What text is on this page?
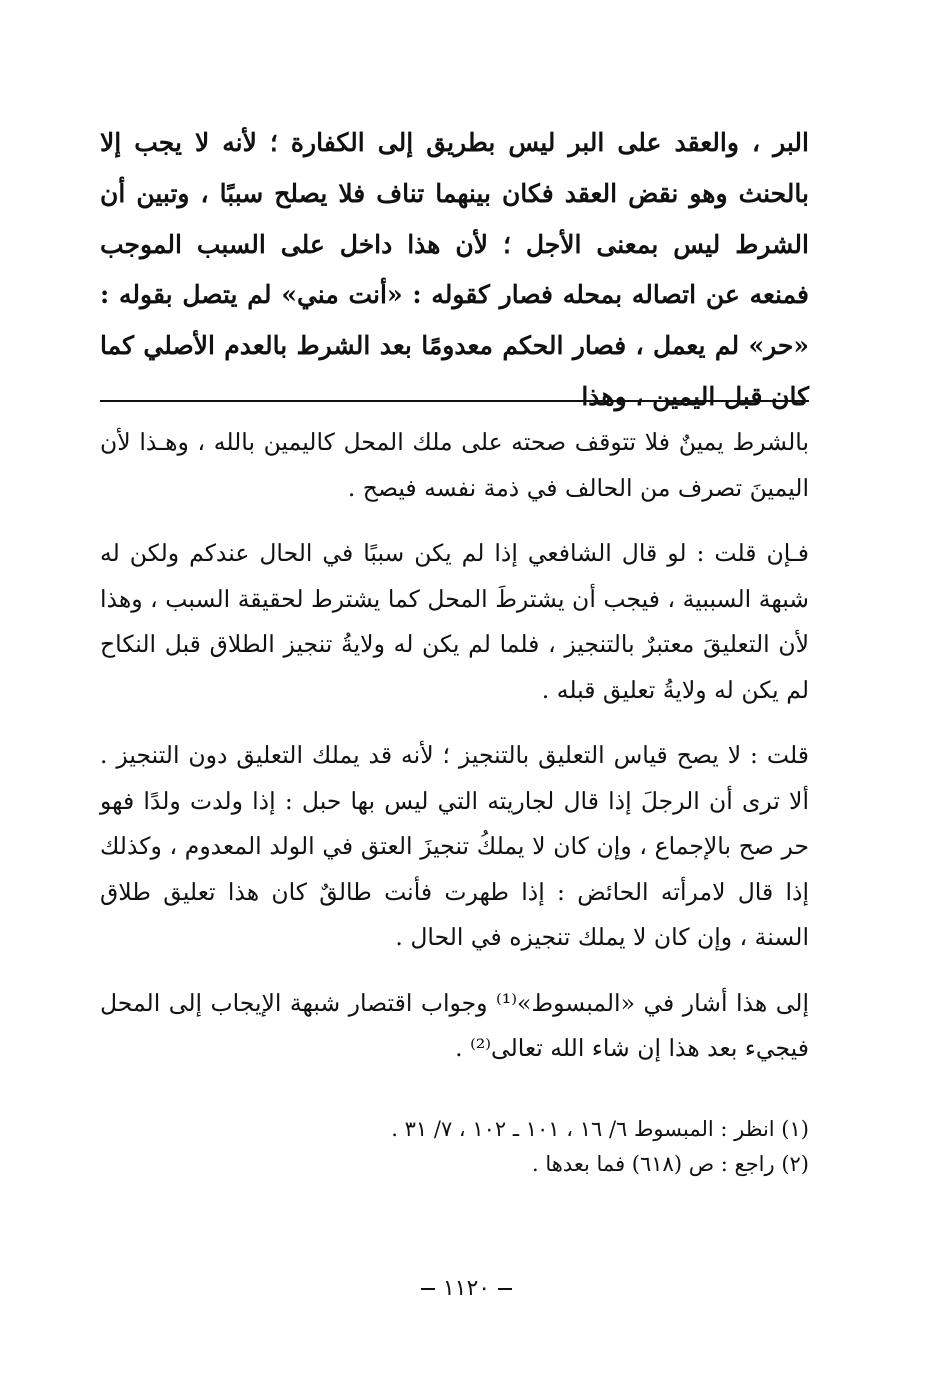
البر ، والعقد على البر ليس بطريق إلى الكفارة ؛ لأنه لا يجب إلا بالحنث وهو نقض العقد فكان بينهما تناف فلا يصلح سببًا ، وتبين أن الشرط ليس بمعنى الأجل ؛ لأن هذا داخل على السبب الموجب فمنعه عن اتصاله بمحله فصار كقوله : «أنت مني» لم يتصل بقوله : «حر» لم يعمل ، فصار الحكم معدومًا بعد الشرط بالعدم الأصلي كما كان قبل اليمين ، وهذا

بالشرط يمينٌ فلا تتوقف صحته على ملك المحل كاليمين بالله ، وهـذا لأن اليمينَ تصرف من الحالف في ذمة نفسه فيصح .

فـإن قلت : لو قال الشافعي إذا لم يكن سببًا في الحال عندكم ولكن له شبهة السببية ، فيجب أن يشترطَ المحل كما يشترط لحقيقة السبب ، وهذا لأن التعليقَ معتبرٌ بالتنجيز ، فلما لم يكن له ولايةُ تنجيز الطلاق قبل النكاح لم يكن له ولايةُ تعليق قبله .

قلت : لا يصح قياس التعليق بالتنجيز ؛ لأنه قد يملك التعليق دون التنجيز . ألا ترى أن الرجلَ إذا قال لجاريته التي ليس بها حبل : إذا ولدت ولدًا فهو حر صح بالإجماع ، وإن كان لا يملكُ تنجيزَ العتق في الولد المعدوم ، وكذلك إذا قال لامرأته الحائض : إذا طهرت فأنت طالقٌ كان هذا تعليق طلاق السنة ، وإن كان لا يملك تنجيزه في الحال .

إلى هذا أشار في «المبسوط»⁽¹⁾ وجواب اقتصار شبهة الإيجاب إلى المحل فيجيء بعد هذا إن شاء الله تعالى⁽²⁾ .

(١) انظر : المبسوط ٦/ ١٦ ، ١٠١ ـ ١٠٢ ، ٧/ ٣١ .
(٢) راجع : ص (٦١٨) فما بعدها .
١١٢٠
